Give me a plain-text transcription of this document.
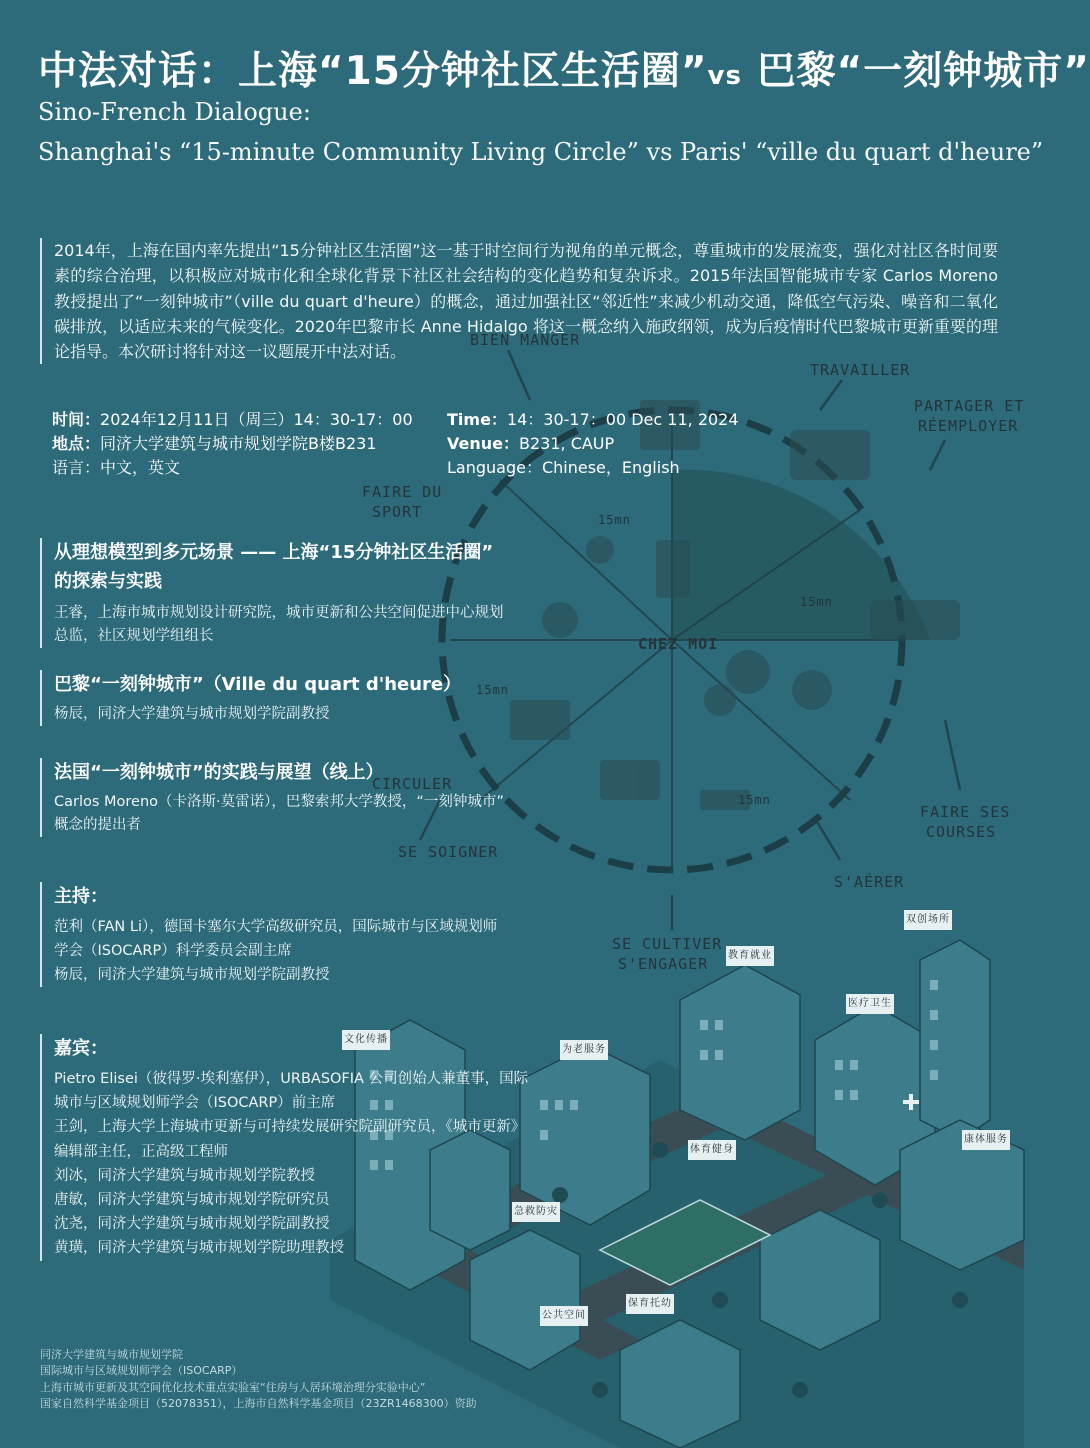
BIEN MANGER
TRAVAILLER
PARTAGER ET
RÉEMPLOYER
FAIRE DU
SPORT
CHEZ MOI
15mn
15mn
15mn
15mn
CIRCULER
SE SOIGNER
FAIRE SES
COURSES
S'AÉRER
SE CULTIVER
S'ENGAGER
文化传播
为老服务
体育健身
急救防灾
公共空间
保育托幼
教育就业
医疗卫生
双创场所
康体服务
中法对话：上海“15分钟社区生活圈”vs 巴黎“一刻钟城市”
Sino-French Dialogue:
Shanghai's “15-minute Community Living Circle” vs Paris' “ville du quart d'heure”
2014年，上海在国内率先提出“15分钟社区生活圈”这一基于时空间行为视角的单元概念，尊重城市的发展流变，强化对社区各时间要素的综合治理，以积极应对城市化和全球化背景下社区社会结构的变化趋势和复杂诉求。2015年法国智能城市专家 Carlos Moreno 教授提出了“一刻钟城市”（ville du quart d'heure）的概念，通过加强社区“邻近性”来减少机动交通，降低空气污染、噪音和二氧化碳排放，以适应未来的气候变化。2020年巴黎市长 Anne Hidalgo 将这一概念纳入施政纲领，成为后疫情时代巴黎城市更新重要的理论指导。本次研讨将针对这一议题展开中法对话。
时间：2024年12月11日（周三）14：30-17：00
地点：同济大学建筑与城市规划学院B楼B231
语言：中文，英文
Time：14：30-17：00 Dec 11, 2024
Venue：B231, CAUP
Language：Chinese，English
从理想模型到多元场景 —— 上海“15分钟社区生活圈”
的探索与实践
王睿，上海市城市规划设计研究院，城市更新和公共空间促进中心规划
总监，社区规划学组组长
巴黎“一刻钟城市”（Ville du quart d'heure）
杨辰，同济大学建筑与城市规划学院副教授
法国“一刻钟城市”的实践与展望（线上）
Carlos Moreno（卡洛斯·莫雷诺），巴黎索邦大学教授，“一刻钟城市”
概念的提出者
主持：
范利（FAN Li），德国卡塞尔大学高级研究员，国际城市与区域规划师
学会（ISOCARP）科学委员会副主席
杨辰，同济大学建筑与城市规划学院副教授
嘉宾：
Pietro Elisei（彼得罗·埃利塞伊），URBASOFIA 公司创始人兼董事，国际
城市与区域规划师学会（ISOCARP）前主席
王剑，上海大学上海城市更新与可持续发展研究院副研究员，《城市更新》
编辑部主任，正高级工程师
刘冰，同济大学建筑与城市规划学院教授
唐敏，同济大学建筑与城市规划学院研究员
沈尧，同济大学建筑与城市规划学院副教授
黄璜，同济大学建筑与城市规划学院助理教授
同济大学建筑与城市规划学院
国际城市与区域规划师学会（ISOCARP）
上海市城市更新及其空间优化技术重点实验室“住房与人居环境治理分实验中心”
国家自然科学基金项目（52078351），上海市自然科学基金项目（23ZR1468300）资助
